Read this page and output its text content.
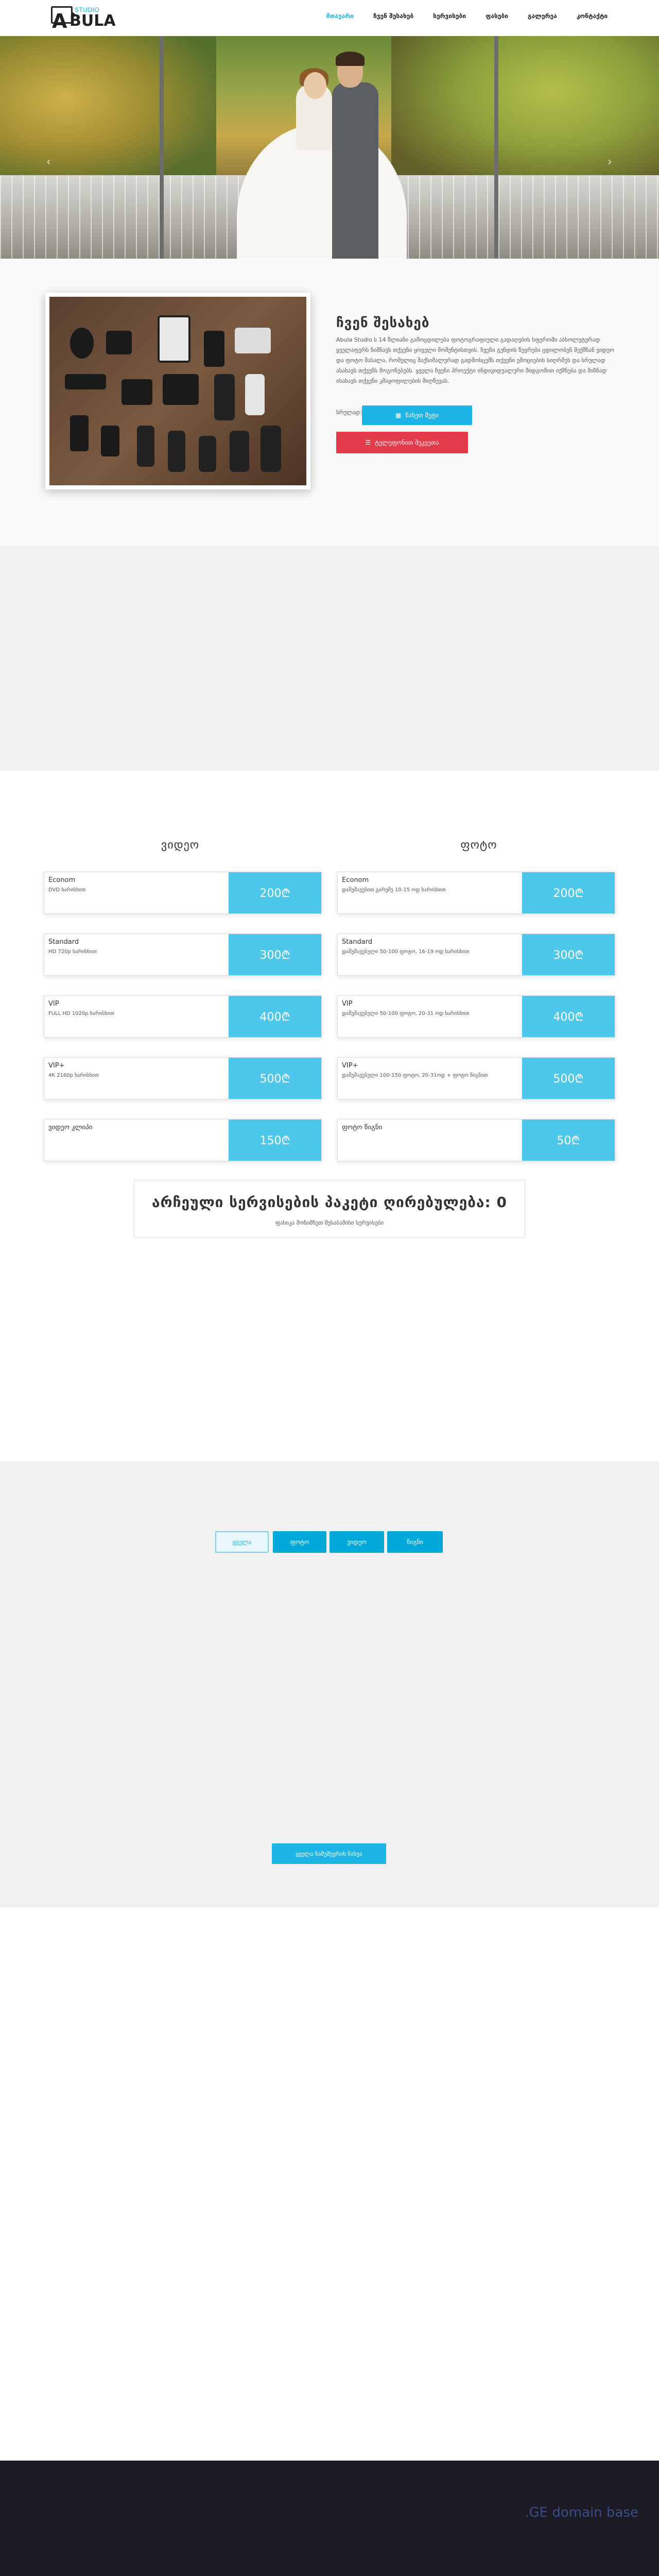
A STUDIO
BULA	მთავარი	ჩვენ შესახებ	სერვისები	ფასები	გალერეა	კონტაქტი
‹	›
ჩვენ შესახებ
Abula Studio ს 14 წლიანი გამოცდილება ფოტოგრაფიული გადაღების სფეროში აბსოლუტურად ყველაფერს ნიშნავს თქვენი ყოველი მომენტისთვის. ჩვენი გუნდის წევრები ცდილობენ შექმნან ვიდეო და ფოტო მასალა, რომელიც მაქსიმალურად გადმოსცემს თქვენი ემოციების სიღრმეს და სრულად ასახავს თქვენს მოგონებებს. ყველა ჩვენი პროექტი ინდივიდუალური მიდგომით იქმნება და მიზნად ისახავს თქვენი კმაყოფილების მიღწევას.
სრულად:	▦ ნახეთ მეტი
☰ ტელეფონით შეკვეთა
ვიდეო	ფოტო
Econom
DVD ხარისხით	200₾
Standard
HD 720p ხარისხით	300₾
VIP
FULL HD 1020p ხარისხით	400₾
VIP+
4K 2160p ხარისხით	500₾
ვიდეო კლიპი
150₾
Econom
დამუშავებით გარეშე 10-15 ოდ ხარისხით	200₾
Standard
დამუშავებული 50-100 ფოტო, 16-19 ოდ ხარისხით	300₾
VIP
დამუშავებული 50-100 ფოტო, 20-31 ოდ ხარისხით	400₾
VIP+
დამუშავებული 100-150 ფოტო, 20-31ოდ + ფოტო წიგნით	500₾
ფოტო წიგნი
50₾
არჩეული სერვისების პაკეტი ღირებულება: 0
ფასიკა მონიშნეთ შესაბამისი სერვისები
ყველა	ფოტო	ვიდეო	წიგნი
ყველა ნამუშევრის ნახვა
.GE domain base
